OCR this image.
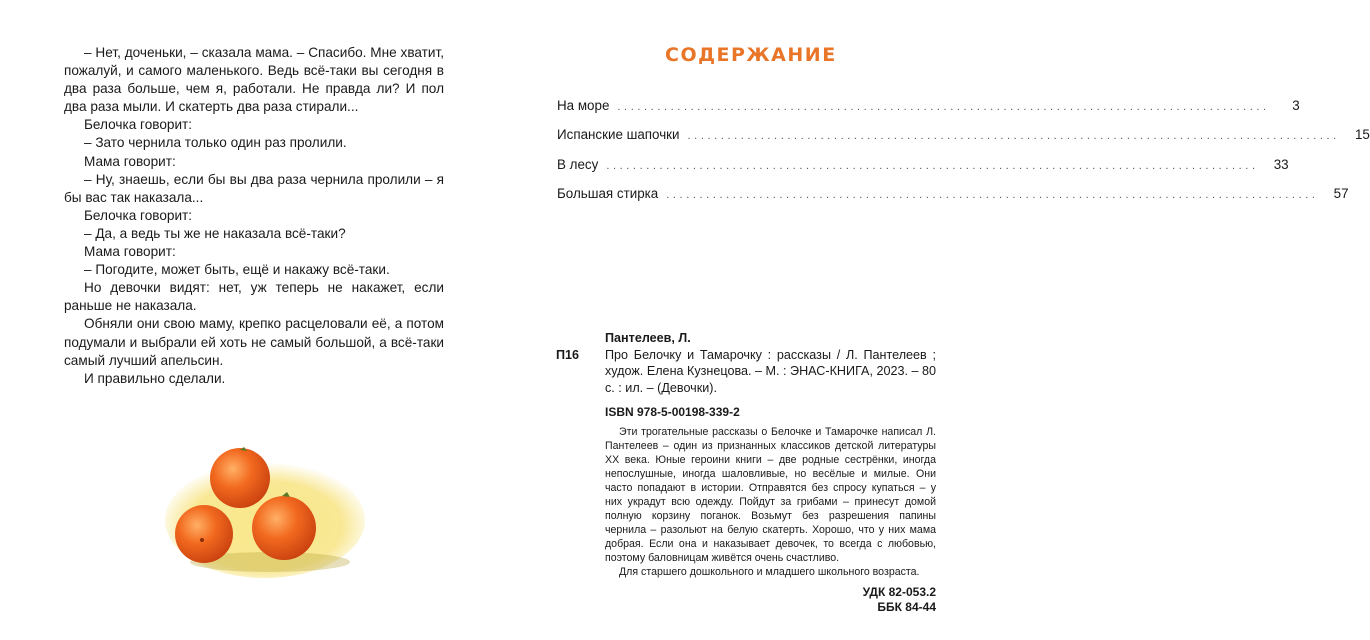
– Нет, доченьки, – сказала мама. – Спасибо. Мне хватит, пожалуй, и самого маленького. Ведь всё-таки вы сегодня в два раза больше, чем я, работали. Не правда ли? И пол два раза мыли. И скатерть два раза стирали...

Белочка говорит:

– Зато чернила только один раз пролили.

Мама говорит:

– Ну, знаешь, если бы вы два раза чернила пролили – я бы вас так наказала...

Белочка говорит:

– Да, а ведь ты же не наказала всё-таки?

Мама говорит:

– Погодите, может быть, ещё и накажу всё-таки.

Но девочки видят: нет, уж теперь не накажет, если раньше не наказала.

Обняли они свою маму, крепко расцеловали её, а потом подумали и выбрали ей хоть не самый большой, а всё-таки самый лучший апельсин.

И правильно сделали.

СОДЕРЖАНИЕ
На море ..................................................................................................	3
Испанские шапочки ..................................................................................................	15
В лесу ..................................................................................................	33
Большая стирка ..................................................................................................	57
Пантелеев, Л.
П16	Про Белочку и Тамарочку : рассказы / Л. Пантелеев ; худож. Елена Кузнецова. – М. : ЭНАС-КНИГА, 2023. – 80 с. : ил. – (Девочки).
ISBN 978-5-00198-339-2

Эти трогательные рассказы о Белочке и Тамарочке написал Л. Пантелеев – один из признанных классиков детской литературы XX века. Юные героини книги – две родные сестрёнки, иногда непослушные, иногда шаловливые, но весёлые и милые. Они часто попадают в истории. Отправятся без спросу купаться – у них украдут всю одежду. Пойдут за грибами – принесут домой полную корзину поганок. Возьмут без разрешения папины чернила – разольют на белую скатерть. Хорошо, что у них мама добрая. Если она и наказывает девочек, то всегда с любовью, поэтому баловницам живётся очень счастливо.

Для старшего дошкольного и младшего школьного возраста.

УДК 82-053.2
ББК 84-44
